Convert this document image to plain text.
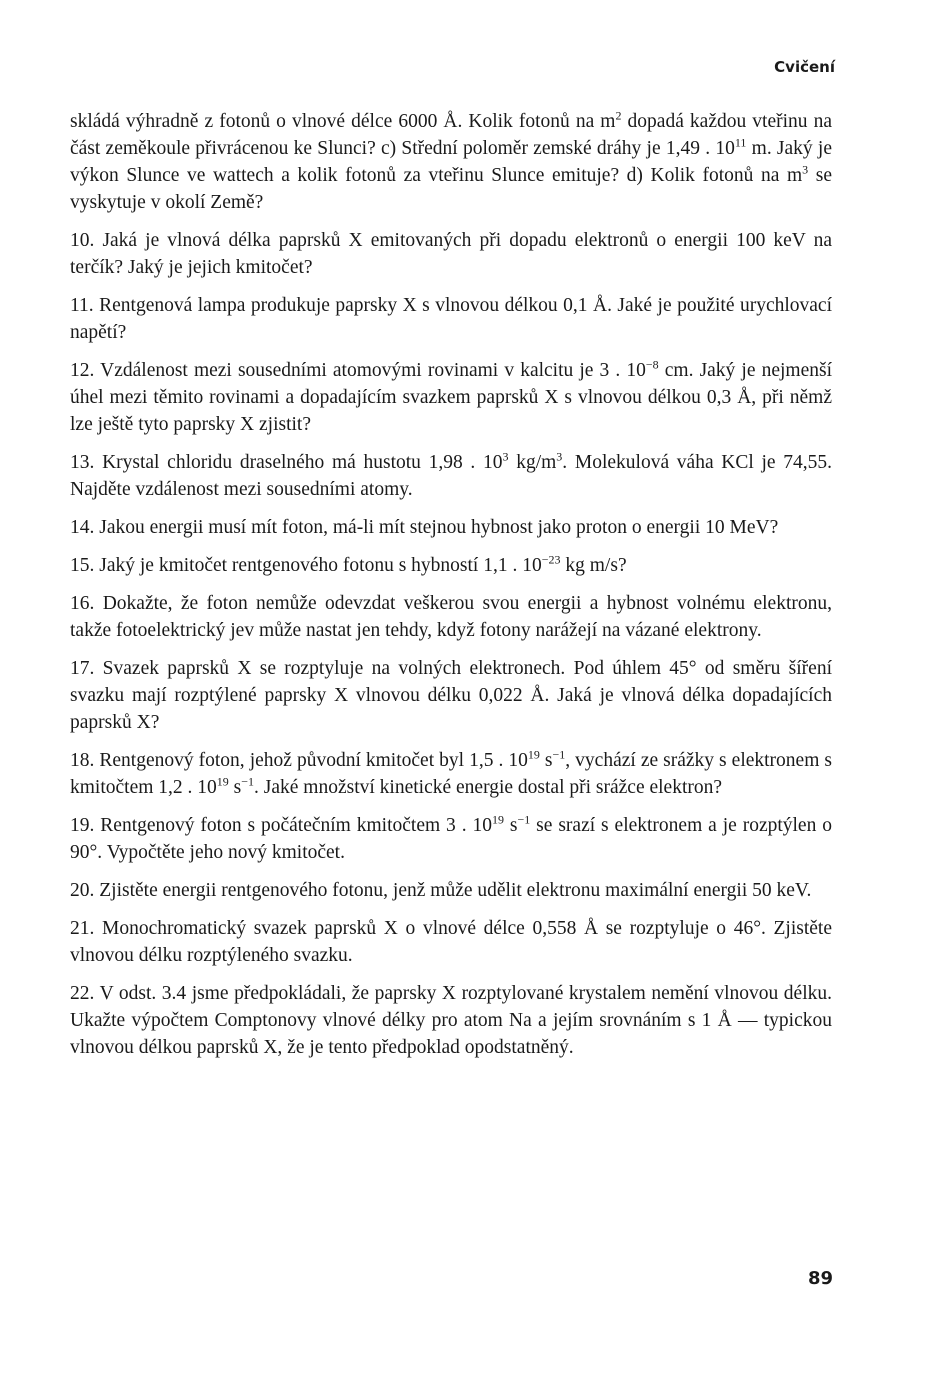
Cvičení

skládá výhradně z fotonů o vlnové délce 6000 Å. Kolik fotonů na $m^2$ dopadá každou vteřinu na část zeměkoule přivrácenou ke Slunci? c) Střední poloměr zemské dráhy je 1,49 . $10^{11}$ m. Jaký je výkon Slunce ve wattech a kolik fotonů za vteřinu Slunce emituje? d) Kolik fotonů na $m^3$ se vyskytuje v okolí Země?

10. Jaká je vlnová délka paprsků X emitovaných při dopadu elektronů o energii 100 keV na terčík? Jaký je jejich kmitočet?

11. Rentgenová lampa produkuje paprsky X s vlnovou délkou 0,1 Å. Jaké je použité urychlovací napětí?

12. Vzdálenost mezi sousedními atomovými rovinami v kalcitu je 3 . $10^{-8}$ cm. Jaký je nejmenší úhel mezi těmito rovinami a dopadajícím svazkem paprsků X s vlnovou délkou 0,3 Å, při němž lze ještě tyto paprsky X zjistit?

13. Krystal chloridu draselného má hustotu 1,98 . $10^3$ $kg/m^3$. Molekulová váha KCl je 74,55. Najděte vzdálenost mezi sousedními atomy.

14. Jakou energii musí mít foton, má-li mít stejnou hybnost jako proton o energii 10 MeV?

15. Jaký je kmitočet rentgenového fotonu s hybností 1,1 . $10^{-23}$ kg m/s?

16. Dokažte, že foton nemůže odevzdat veškerou svou energii a hybnost volnému elektronu, takže fotoelektrický jev může nastat jen tehdy, když fotony narážejí na vázané elektrony.

17. Svazek paprsků X se rozptyluje na volných elektronech. Pod úhlem 45° od směru šíření svazku mají rozptýlené paprsky X vlnovou délku 0,022 Å. Jaká je vlnová délka dopadajících paprsků X?

18. Rentgenový foton, jehož původní kmitočet byl 1,5 . $10^{19}$ $s^{-1}$, vychází ze srážky s elektronem s kmitočtem 1,2 . $10^{19}$ $s^{-1}$. Jaké množství kinetické energie dostal při srážce elektron?

19. Rentgenový foton s počátečním kmitočtem 3 . $10^{19}$ $s^{-1}$ se srazí s elektronem a je rozptýlen o 90°. Vypočtěte jeho nový kmitočet.

20. Zjistěte energii rentgenového fotonu, jenž může udělit elektronu maximální energii 50 keV.

21. Monochromatický svazek paprsků X o vlnové délce 0,558 Å se rozptyluje o 46°. Zjistěte vlnovou délku rozptýleného svazku.

22. V odst. 3.4 jsme předpokládali, že paprsky X rozptylované krystalem nemění vlnovou délku. Ukažte výpočtem Comptonovy vlnové délky pro atom Na a jejím srovnáním s 1 Å — typickou vlnovou délkou paprsků X, že je tento předpoklad opodstatněný.

89
